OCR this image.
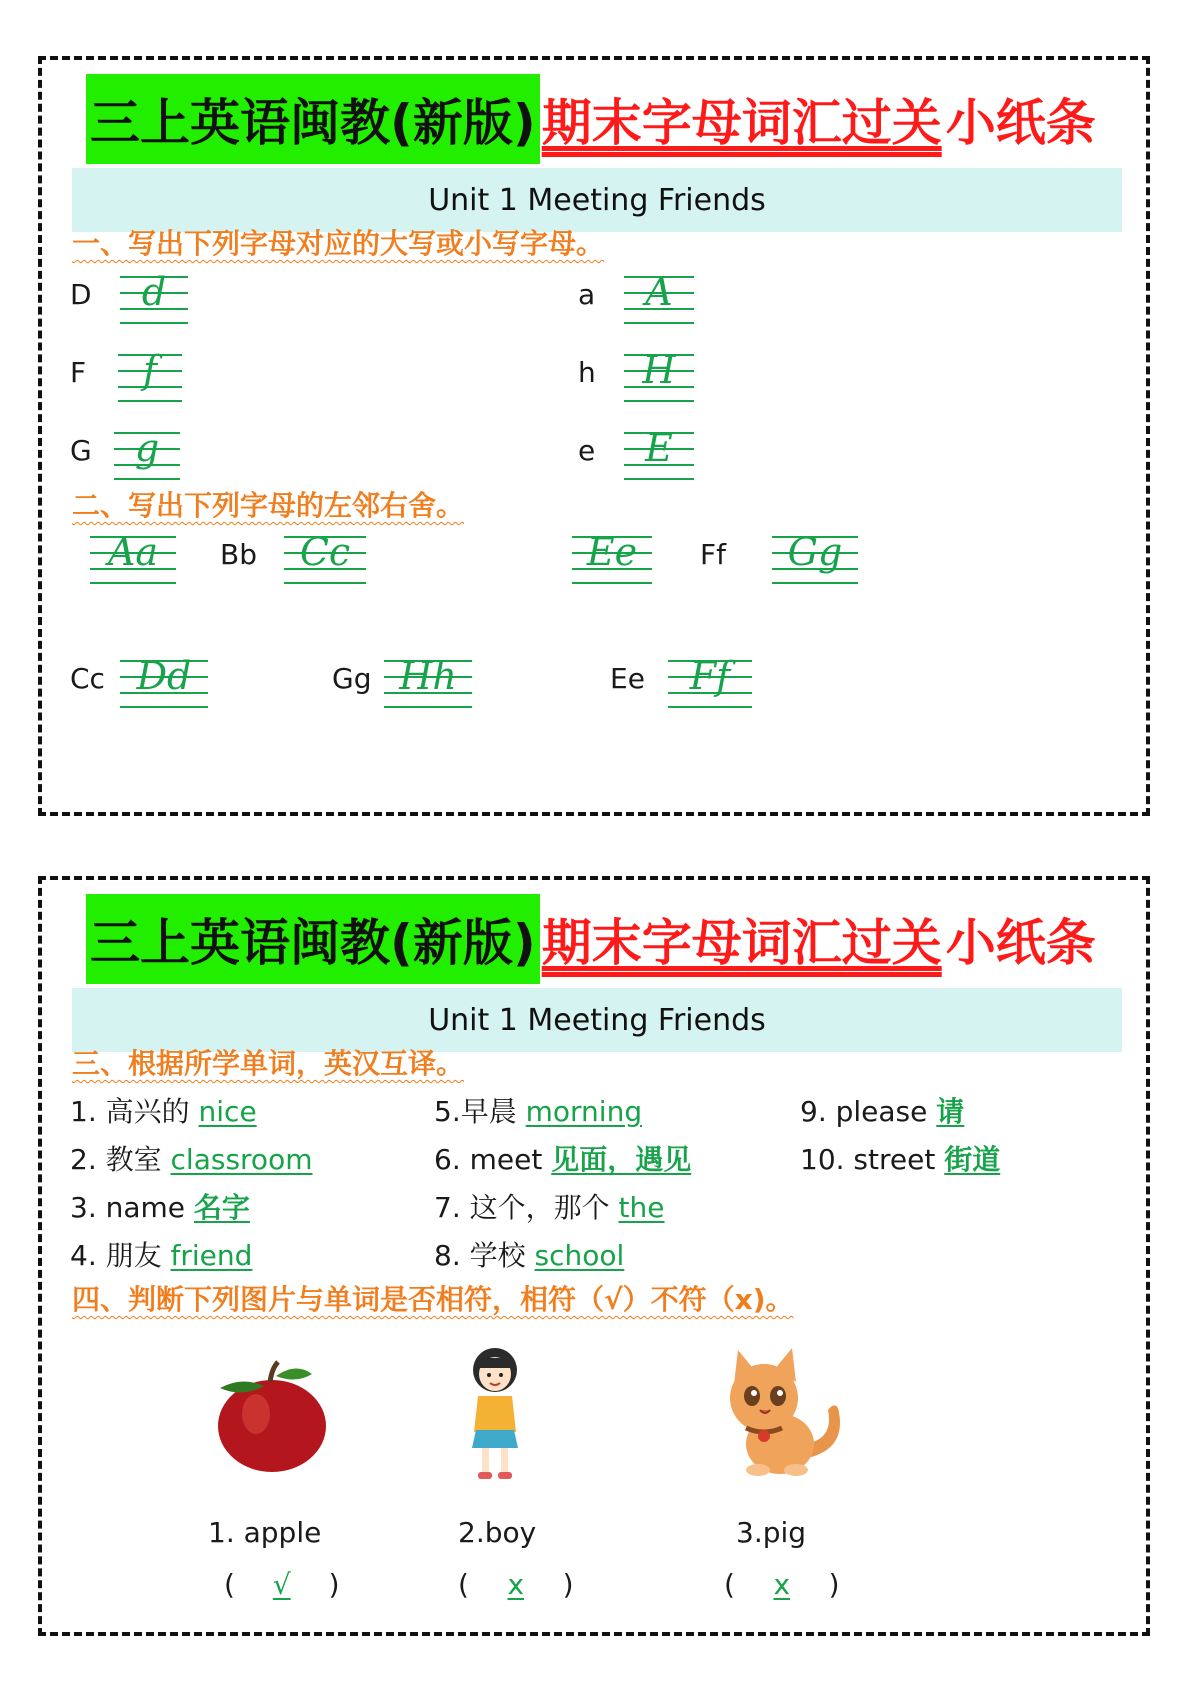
三上英语闽教(新版) 期末字母词汇过关 小纸条
Unit 1 Meeting Friends
一、写出下列字母对应的大写或小写字母。
D	d
F	f
G	g
a	A
h	H
e	E
二、写出下列字母的左邻右舍。
Aa	Bb	Cc	Ee	Ff	Gg
Cc Dd	Gg Hh	Ee	Ff
三上英语闽教(新版) 期末字母词汇过关 小纸条
Unit 1 Meeting Friends
三、根据所学单词，英汉互译。
1. 高兴的 nice
2. 教室 classroom
3. name 名字
4. 朋友 friend
5.早晨 morning
6. meet 见面，遇见
7. 这个，那个 the
8. 学校 school
9. please 请
10. street 街道
四、判断下列图片与单词是否相符，相符（√）不符（x)。
1. apple	2.boy	3.pig
( √ )	( x )	( x )
